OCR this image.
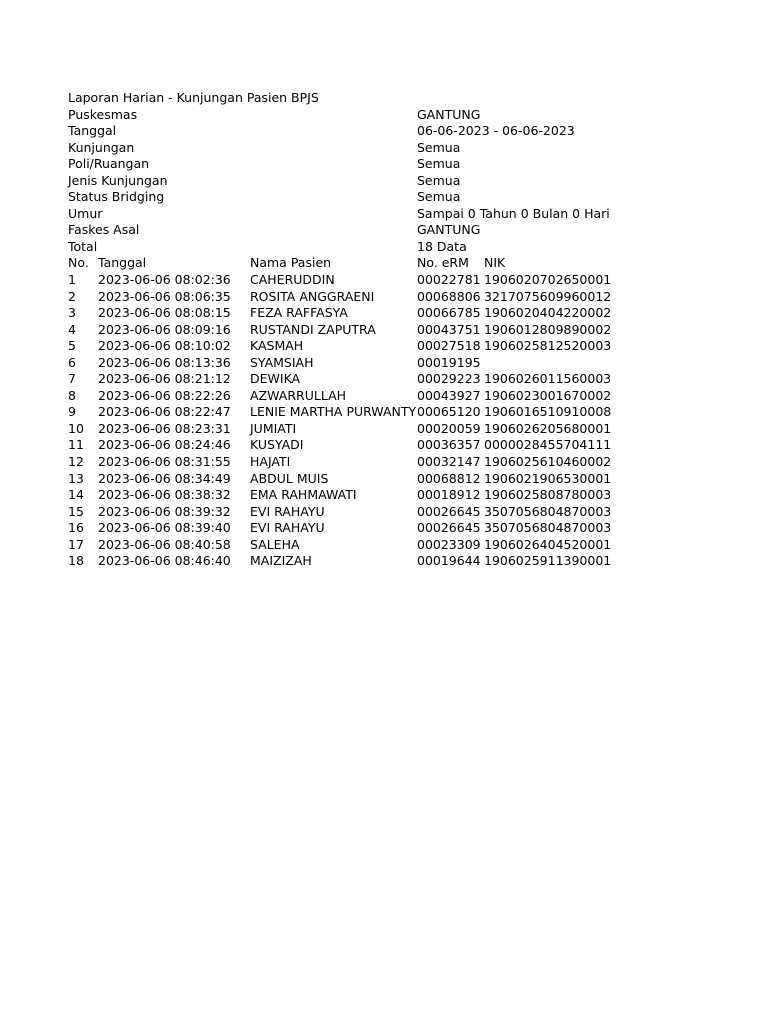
Laporan Harian - Kunjungan Pasien BPJS
Puskesmas	GANTUNG
Tanggal	06-06-2023 - 06-06-2023
Kunjungan	Semua
Poli/Ruangan	Semua
Jenis Kunjungan	Semua
Status Bridging	Semua
Umur	Sampai 0 Tahun 0 Bulan 0 Hari
Faskes Asal	GANTUNG
Total	18 Data
No. Tanggal	Nama Pasien	No. eRM NIK
1 2023-06-06 08:02:36 CAHERUDDIN	00022781 1906020702650001
2 2023-06-06 08:06:35 ROSITA ANGGRAENI	00068806 3217075609960012
3 2023-06-06 08:08:15 FEZA RAFFASYA	00066785 1906020404220002
4 2023-06-06 08:09:16 RUSTANDI ZAPUTRA	00043751 1906012809890002
5 2023-06-06 08:10:02 KASMAH	00027518 1906025812520003
6 2023-06-06 08:13:36 SYAMSIAH	00019195
7 2023-06-06 08:21:12 DEWIKA	00029223 1906026011560003
8 2023-06-06 08:22:26 AZWARRULLAH	00043927 1906023001670002
9 2023-06-06 08:22:47 LENIE MARTHA PURWANTY 00065120 1906016510910008
10 2023-06-06 08:23:31 JUMIATI	00020059 1906026205680001
11 2023-06-06 08:24:46 KUSYADI	00036357 0000028455704111
12 2023-06-06 08:31:55 HAJATI	00032147 1906025610460002
13 2023-06-06 08:34:49 ABDUL MUIS	00068812 1906021906530001
14 2023-06-06 08:38:32 EMA RAHMAWATI	00018912 1906025808780003
15 2023-06-06 08:39:32 EVI RAHAYU	00026645 3507056804870003
16 2023-06-06 08:39:40 EVI RAHAYU	00026645 3507056804870003
17 2023-06-06 08:40:58 SALEHA	00023309 1906026404520001
18 2023-06-06 08:46:40 MAIZIZAH	00019644 1906025911390001
